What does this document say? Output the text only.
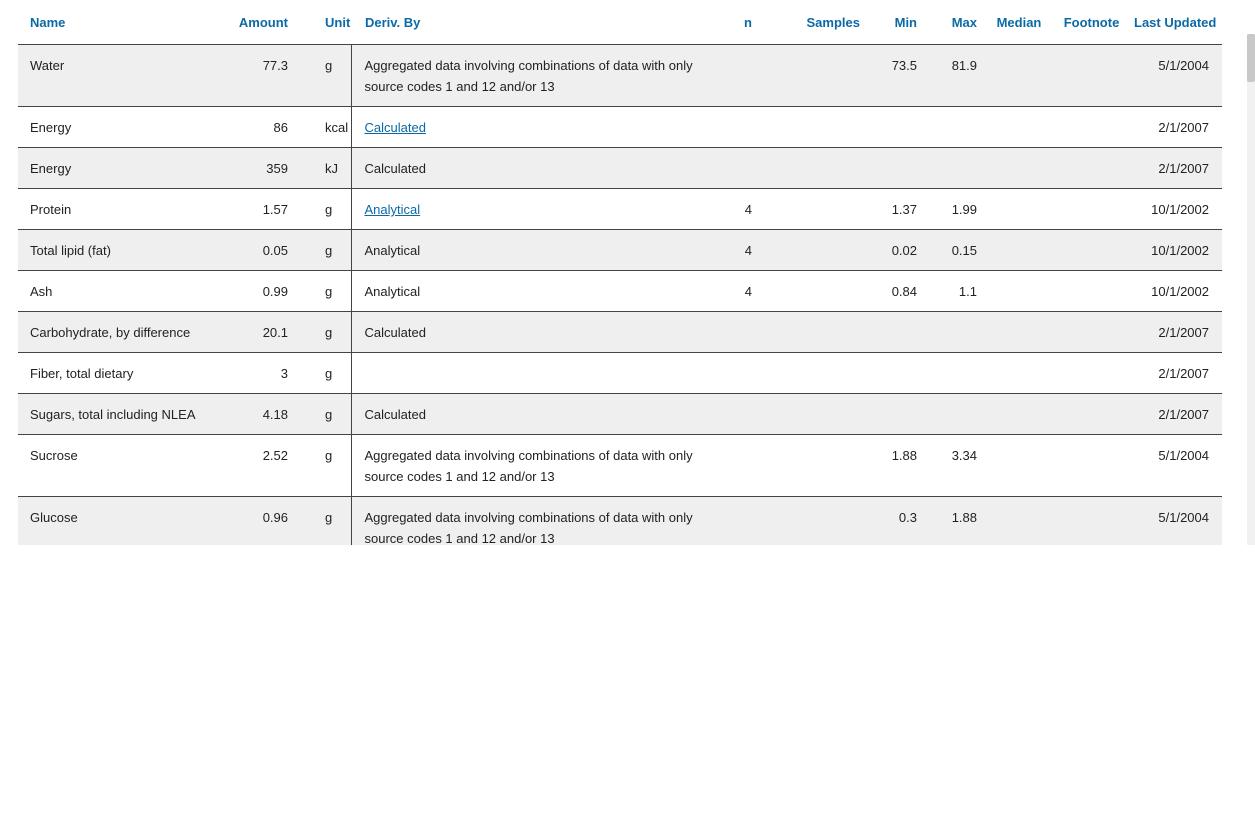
Name	Amount	Unit	Deriv. By	n	Samples	Min	Max	Median	Footnote	Last Updated
Water	77.3	g	Aggregated data involving combinations of data with only source codes 1 and 12 and/or 13			73.5	81.9			5/1/2004
Energy	86	kcal	Calculated							2/1/2007
Energy	359	kJ	Calculated							2/1/2007
Protein	1.57	g	Analytical	4		1.37	1.99			10/1/2002
Total lipid (fat)	0.05	g	Analytical	4		0.02	0.15			10/1/2002
Ash	0.99	g	Analytical	4		0.84	1.1			10/1/2002
Carbohydrate, by difference	20.1	g	Calculated							2/1/2007
Fiber, total dietary	3	g								2/1/2007
Sugars, total including NLEA	4.18	g	Calculated							2/1/2007
Sucrose	2.52	g	Aggregated data involving combinations of data with only source codes 1 and 12 and/or 13			1.88	3.34			5/1/2004
Glucose	0.96	g	Aggregated data involving combinations of data with only source codes 1 and 12 and/or 13			0.3	1.88			5/1/2004
